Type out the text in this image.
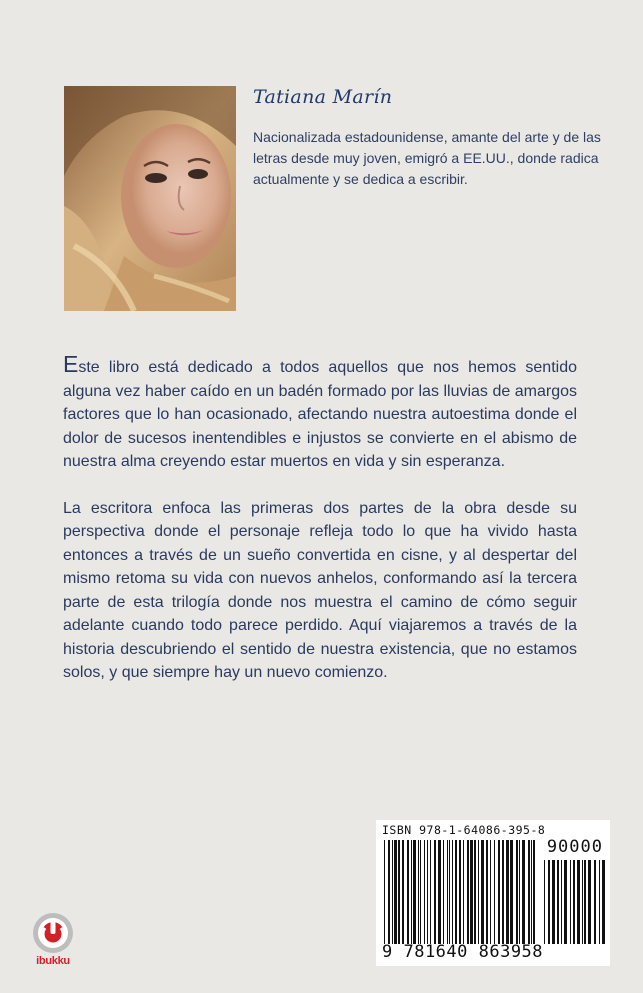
Tatiana Marín
Nacionalizada estadounidense, amante del arte y de las letras desde muy joven, emigró a EE.UU., donde radica actualmente y se dedica a escribir.

Este libro está dedicado a todos aquellos que nos hemos sentido alguna vez haber caído en un badén formado por las lluvias de amargos factores que lo han ocasionado, afectando nuestra autoestima donde el dolor de sucesos inentendibles e injustos se convierte en el abismo de nuestra alma creyendo estar muertos en vida y sin esperanza.

La escritora enfoca las primeras dos partes de la obra desde su perspectiva donde el personaje refleja todo lo que ha vivido hasta entonces a través de un sueño convertida en cisne, y al despertar del mismo retoma su vida con nuevos anhelos, conformando así la tercera parte de esta trilogía donde nos muestra el camino de cómo seguir adelante cuando todo parece perdido. Aquí viajaremos a través de la historia descubriendo el sentido de nuestra existencia, que no estamos solos, y que siempre hay un nuevo comienzo.

ISBN 978-1-64086-395-8
90000
9 781640 863958
ibukku
